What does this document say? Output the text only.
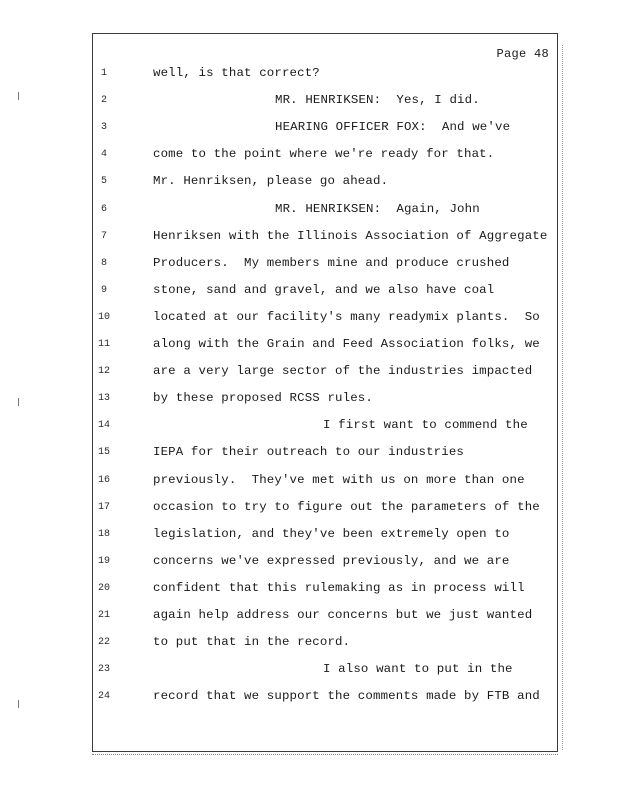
Page 48
1	well, is that correct?
2	MR. HENRIKSEN:  Yes, I did.
3	HEARING OFFICER FOX:  And we've
4	come to the point where we're ready for that.
5	Mr. Henriksen, please go ahead.
6	MR. HENRIKSEN:  Again, John
7	Henriksen with the Illinois Association of Aggregate
8	Producers.  My members mine and produce crushed
9	stone, sand and gravel, and we also have coal
10	located at our facility's many readymix plants.  So
11	along with the Grain and Feed Association folks, we
12	are a very large sector of the industries impacted
13	by these proposed RCSS rules.
14	I first want to commend the
15	IEPA for their outreach to our industries
16	previously.  They've met with us on more than one
17	occasion to try to figure out the parameters of the
18	legislation, and they've been extremely open to
19	concerns we've expressed previously, and we are
20	confident that this rulemaking as in process will
21	again help address our concerns but we just wanted
22	to put that in the record.
23	I also want to put in the
24	record that we support the comments made by FTB and
